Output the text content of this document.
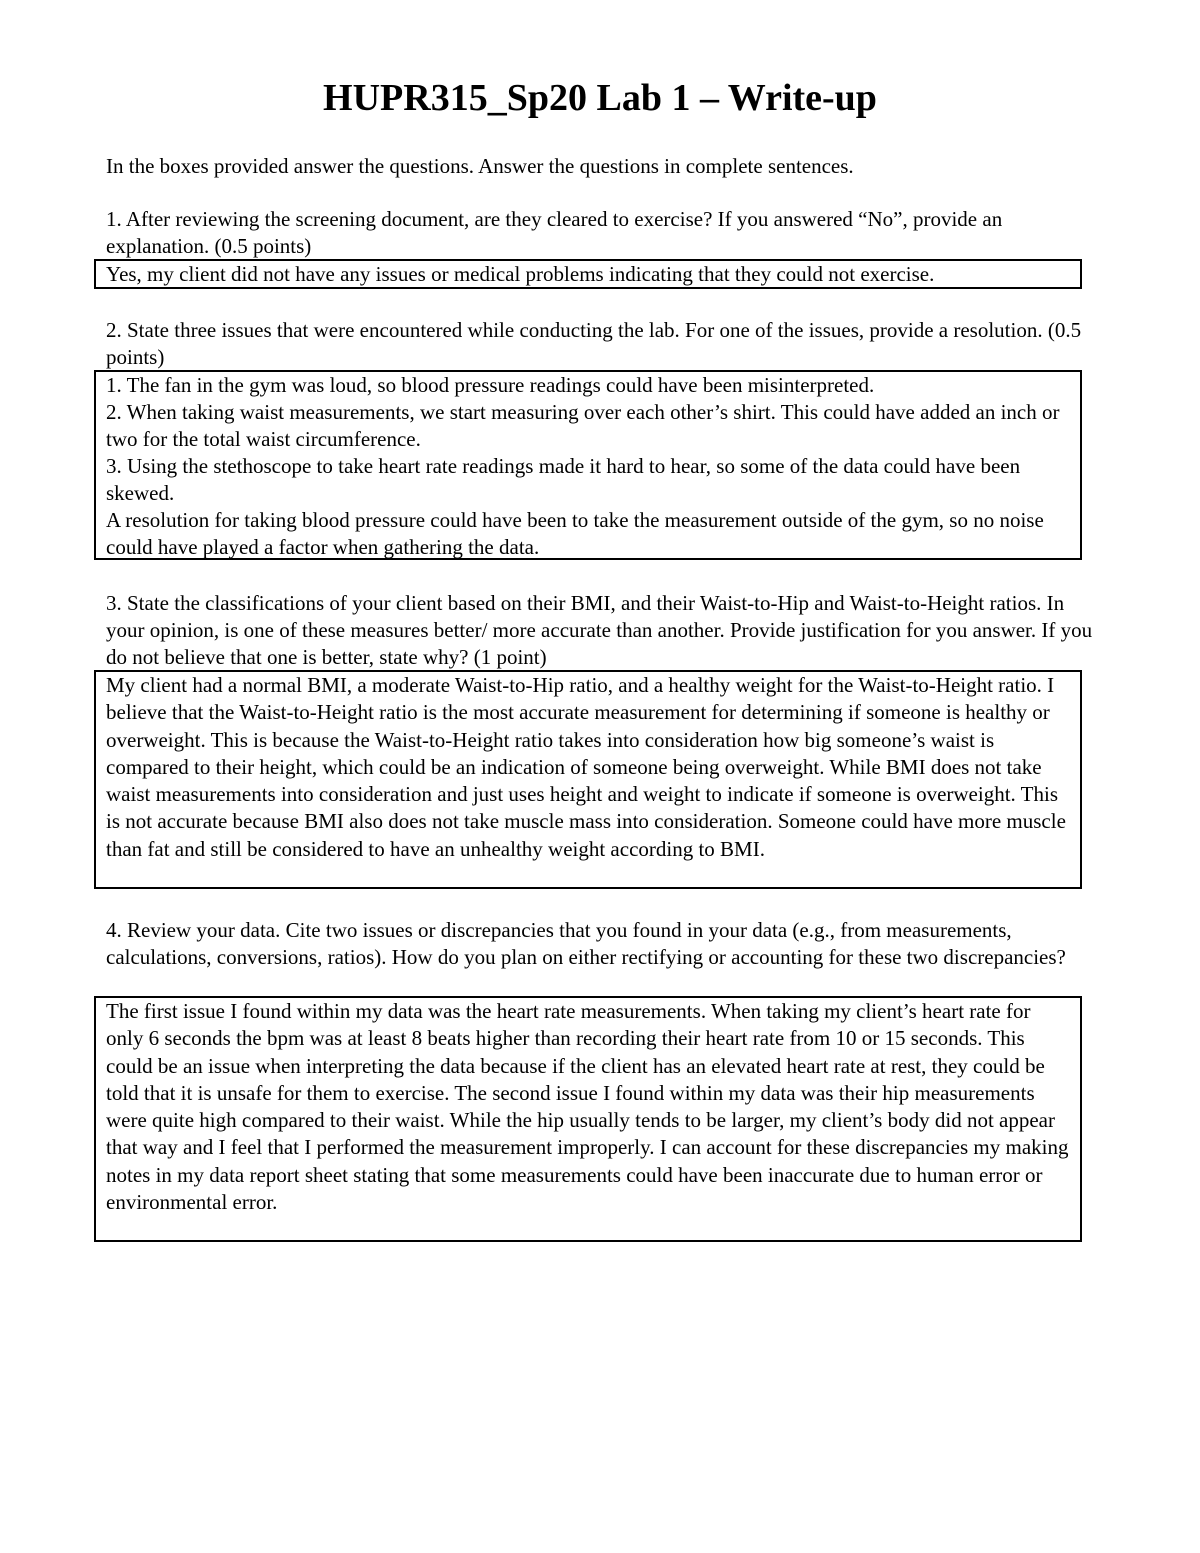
HUPR315_Sp20 Lab 1 – Write-up

In the boxes provided answer the questions. Answer the questions in complete sentences.

1. After reviewing the screening document, are they cleared to exercise? If you answered “No”, provide an explanation. (0.5 points)

Yes, my client did not have any issues or medical problems indicating that they could not exercise.

2. State three issues that were encountered while conducting the lab. For one of the issues, provide a resolution. (0.5 points)

1. The fan in the gym was loud, so blood pressure readings could have been misinterpreted.

2. When taking waist measurements, we start measuring over each other’s shirt. This could have added an inch or two for the total waist circumference.

3. Using the stethoscope to take heart rate readings made it hard to hear, so some of the data could have been skewed.

A resolution for taking blood pressure could have been to take the measurement outside of the gym, so no noise could have played a factor when gathering the data.

3. State the classifications of your client based on their BMI, and their Waist-to-Hip and Waist-to-Height ratios. In your opinion, is one of these measures better/ more accurate than another. Provide justification for you answer. If you do not believe that one is better, state why? (1 point)

My client had a normal BMI, a moderate Waist-to-Hip ratio, and a healthy weight for the Waist-to-Height ratio. I believe that the Waist-to-Height ratio is the most accurate measurement for determining if someone is healthy or overweight. This is because the Waist-to-Height ratio takes into consideration how big someone’s waist is compared to their height, which could be an indication of someone being overweight. While BMI does not take waist measurements into consideration and just uses height and weight to indicate if someone is overweight. This is not accurate because BMI also does not take muscle mass into consideration. Someone could have more muscle than fat and still be considered to have an unhealthy weight according to BMI.

4. Review your data. Cite two issues or discrepancies that you found in your data (e.g., from measurements, calculations, conversions, ratios). How do you plan on either rectifying or accounting for these two discrepancies?

The first issue I found within my data was the heart rate measurements. When taking my client’s heart rate for only 6 seconds the bpm was at least 8 beats higher than recording their heart rate from 10 or 15 seconds. This could be an issue when interpreting the data because if the client has an elevated heart rate at rest, they could be told that it is unsafe for them to exercise. The second issue I found within my data was their hip measurements were quite high compared to their waist. While the hip usually tends to be larger, my client’s body did not appear that way and I feel that I performed the measurement improperly. I can account for these discrepancies my making notes in my data report sheet stating that some measurements could have been inaccurate due to human error or environmental error.
